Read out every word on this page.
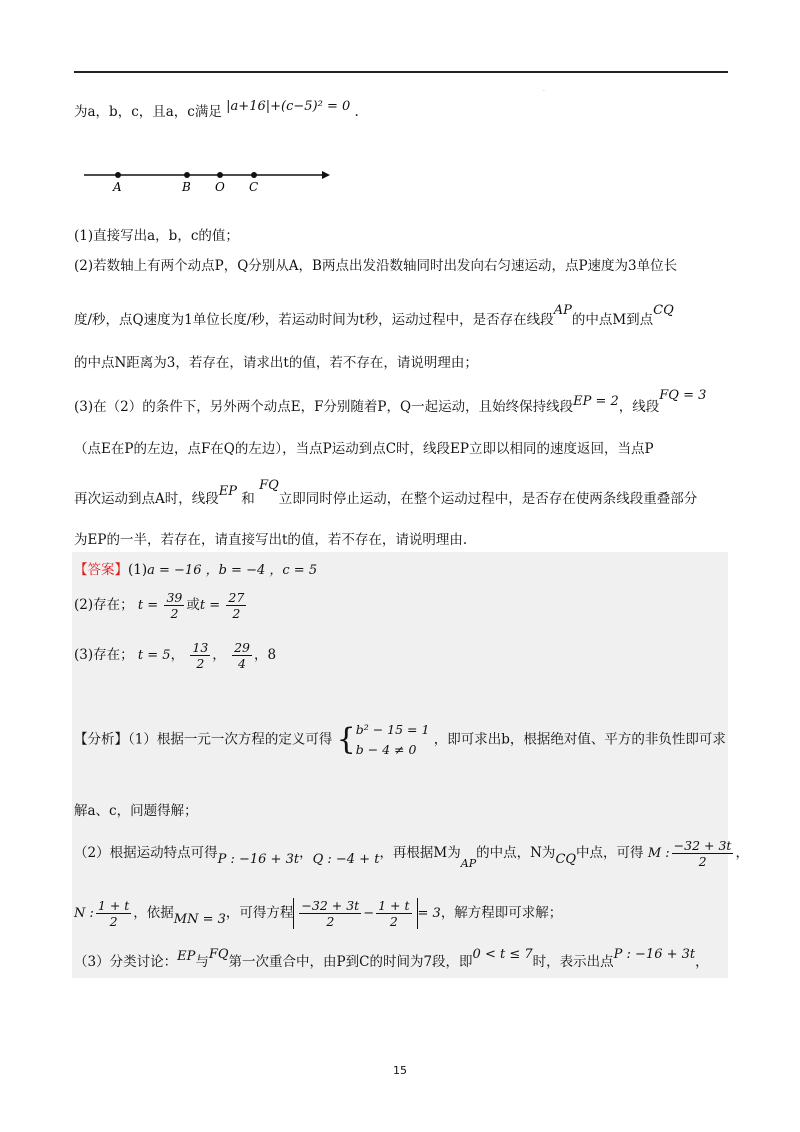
.
为a，b，c，且a，c满足 |a+16|+(c−5)² = 0 .
A	B O C
(1)直接写出a，b，c的值；
(2)若数轴上有两个动点P，Q分别从A，B两点出发沿数轴同时出发向右匀速运动，点P速度为3单位长
度/秒，点Q速度为1单位长度/秒，若运动时间为t秒，运动过程中，是否存在线段AP的中点M到点CQ
的中点N距离为3，若存在，请求出t的值，若不存在，请说明理由；
(3)在（2）的条件下，另外两个动点E，F分别随着P，Q一起运动，且始终保持线段EP = 2，线段FQ = 3
（点E在P的左边，点F在Q的左边），当点P运动到点C时，线段EP立即以相同的速度返回，当点P
再次运动到点A时，线段EP 和 FQ立即同时停止运动，在整个运动过程中，是否存在使两条线段重叠部分
为EP的一半，若存在，请直接写出t的值，若不存在，请说明理由.
【答案】(1)a = −16 ，b = −4 ，c = 5
(2)存在； $t = \frac{39}{2}$ 或$t = \frac{27}{2}$
(3)存在； t = 5， $\frac{13}{2}$ ， $\frac{29}{4}$ ，8
【分析】（1）根据一元一次方程的定义可得 { b² − 15 = 1
b − 4 ≠ 0
，即可求出b，根据绝对值、平方的非负性即可求
解a、c，问题得解；
（2）根据运动特点可得P : −16 + 3t，Q : −4 + t，再根据M为$_{AP}$的中点，N为CQ中点，可得 M : $\frac{-32 + 3t}{2}$ ，
N : $\frac{1 + t}{2}$ ，依据MN = 3，可得方程 $\frac{-32 + 3t}{2} - \frac{1 + t}{2} = 3$，解方程即可求解；
（3）分类讨论：EP与FQ第一次重合中，由P到C的时间为7段，即0 < t ≤ 7时，表示出点P : −16 + 3t，
15
